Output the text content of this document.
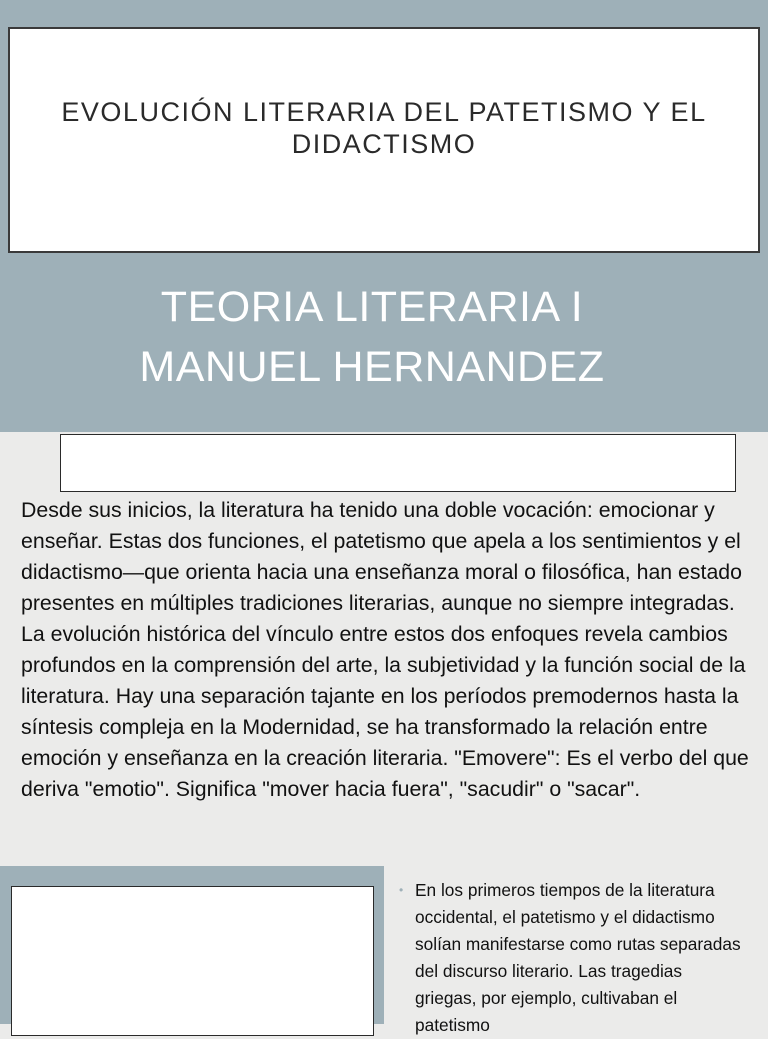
EVOLUCIÓN LITERARIA DEL PATETISMO Y EL DIDACTISMO
TEORIA LITERARIA I
MANUEL HERNANDEZ

Desde sus inicios, la literatura ha tenido una doble vocación: emocionar y enseñar. Estas dos funciones, el patetismo que apela a los sentimientos y el didactismo—que orienta hacia una enseñanza moral o filosófica, han estado presentes en múltiples tradiciones literarias, aunque no siempre integradas. La evolución histórica del vínculo entre estos dos enfoques revela cambios profundos en la comprensión del arte, la subjetividad y la función social de la literatura. Hay una separación tajante en los períodos premodernos hasta la síntesis compleja en la Modernidad, se ha transformado la relación entre emoción y enseñanza en la creación literaria. "Emovere": Es el verbo del que deriva "emotio". Significa "mover hacia fuera", "sacudir" o "sacar".

• En los primeros tiempos de la literatura occidental, el patetismo y el didactismo solían manifestarse como rutas separadas del discurso literario. Las tragedias griegas, por ejemplo, cultivaban el patetismo
